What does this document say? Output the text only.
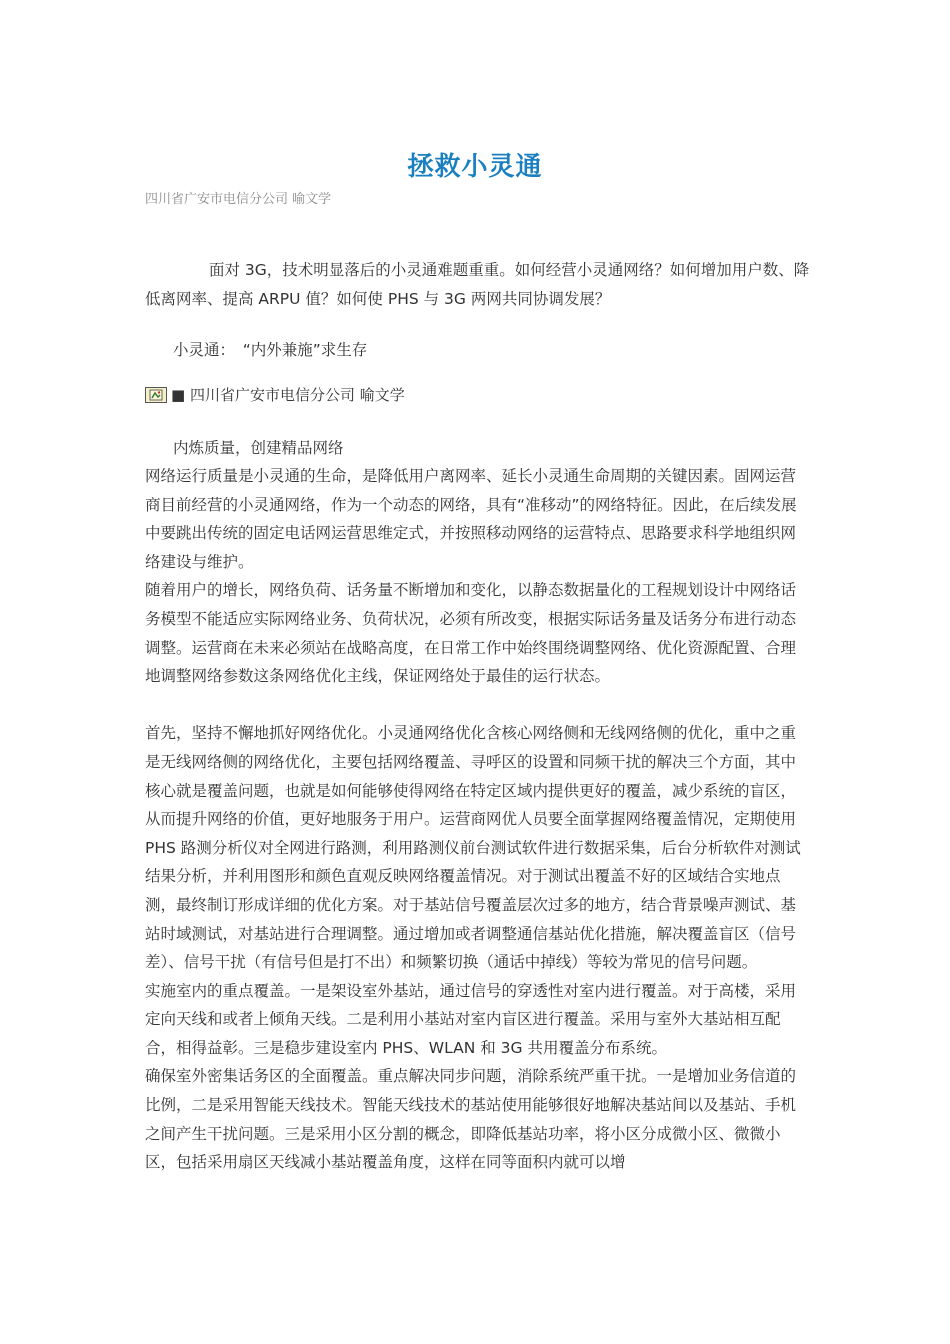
拯救小灵通
四川省广安市电信分公司 喻文学
面对 3G，技术明显落后的小灵通难题重重。如何经营小灵通网络？如何增加用户数、降低离网率、提高 ARPU 值？如何使 PHS 与 3G 两网共同协调发展？
小灵通：　“内外兼施”求生存
■ 四川省广安市电信分公司 喻文学
内炼质量，创建精品网络

网络运行质量是小灵通的生命，是降低用户离网率、延长小灵通生命周期的关键因素。固网运营商目前经营的小灵通网络，作为一个动态的网络，具有“准移动”的网络特征。因此，在后续发展中要跳出传统的固定电话网运营思维定式，并按照移动网络的运营特点、思路要求科学地组织网络建设与维护。

随着用户的增长，网络负荷、话务量不断增加和变化，以静态数据量化的工程规划设计中网络话务模型不能适应实际网络业务、负荷状况，必须有所改变，根据实际话务量及话务分布进行动态调整。运营商在未来必须站在战略高度，在日常工作中始终围绕调整网络、优化资源配置、合理地调整网络参数这条网络优化主线，保证网络处于最佳的运行状态。

首先，坚持不懈地抓好网络优化。小灵通网络优化含核心网络侧和无线网络侧的优化，重中之重是无线网络侧的网络优化，主要包括网络覆盖、寻呼区的设置和同频干扰的解决三个方面，其中核心就是覆盖问题，也就是如何能够使得网络在特定区域内提供更好的覆盖，减少系统的盲区，从而提升网络的价值，更好地服务于用户。运营商网优人员要全面掌握网络覆盖情况，定期使用 PHS 路测分析仪对全网进行路测，利用路测仪前台测试软件进行数据采集，后台分析软件对测试结果分析，并利用图形和颜色直观反映网络覆盖情况。对于测试出覆盖不好的区域结合实地点测，最终制订形成详细的优化方案。对于基站信号覆盖层次过多的地方，结合背景噪声测试、基站时域测试，对基站进行合理调整。通过增加或者调整通信基站优化措施，解决覆盖盲区（信号差）、信号干扰（有信号但是打不出）和频繁切换（通话中掉线）等较为常见的信号问题。

实施室内的重点覆盖。一是架设室外基站，通过信号的穿透性对室内进行覆盖。对于高楼，采用定向天线和或者上倾角天线。二是利用小基站对室内盲区进行覆盖。采用与室外大基站相互配合，相得益彰。三是稳步建设室内 PHS、WLAN 和 3G 共用覆盖分布系统。

确保室外密集话务区的全面覆盖。重点解决同步问题，消除系统严重干扰。一是增加业务信道的比例，二是采用智能天线技术。智能天线技术的基站使用能够很好地解决基站间以及基站、手机之间产生干扰问题。三是采用小区分割的概念，即降低基站功率，将小区分成微小区、微微小区，包括采用扇区天线减小基站覆盖角度，这样在同等面积内就可以增
